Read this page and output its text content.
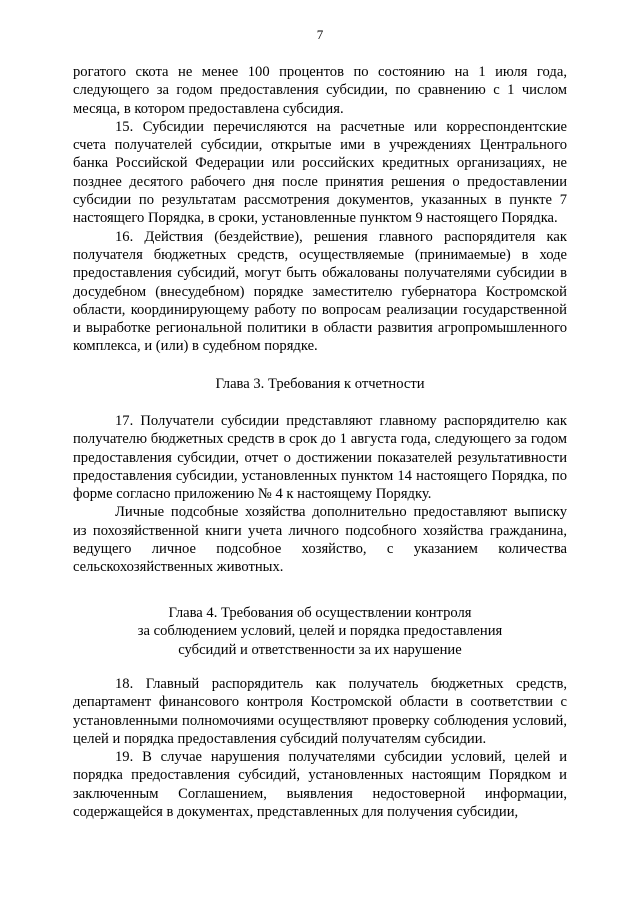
7

рогатого скота не менее 100 процентов по состоянию на 1 июля года, следующего за годом предоставления субсидии, по сравнению с 1 числом месяца, в котором предоставлена субсидия.

15. Субсидии перечисляются на расчетные или корреспондентские счета получателей субсидии, открытые ими в учреждениях Центрального банка Российской Федерации или российских кредитных организациях, не позднее десятого рабочего дня после принятия решения о предоставлении субсидии по результатам рассмотрения документов, указанных в пункте 7 настоящего Порядка, в сроки, установленные пунктом 9 настоящего Порядка.

16. Действия (бездействие), решения главного распорядителя как получателя бюджетных средств, осуществляемые (принимаемые) в ходе предоставления субсидий, могут быть обжалованы получателями субсидии в досудебном (внесудебном) порядке заместителю губернатора Костромской области, координирующему работу по вопросам реализации государственной и выработке региональной политики в области развития агропромышленного комплекса, и (или) в судебном порядке.

Глава 3. Требования к отчетности

17. Получатели субсидии представляют главному распорядителю как получателю бюджетных средств в срок до 1 августа года, следующего за годом предоставления субсидии, отчет о достижении показателей результативности предоставления субсидии, установленных пунктом 14 настоящего Порядка, по форме согласно приложению № 4 к настоящему Порядку.

Личные подсобные хозяйства дополнительно предоставляют выписку из похозяйственной книги учета личного подсобного хозяйства гражданина, ведущего личное подсобное хозяйство, с указанием количества сельскохозяйственных животных.

Глава 4. Требования об осуществлении контроля

за соблюдением условий, целей и порядка предоставления

субсидий и ответственности за их нарушение

18. Главный распорядитель как получатель бюджетных средств, департамент финансового контроля Костромской области в соответствии с установленными полномочиями осуществляют проверку соблюдения условий, целей и порядка предоставления субсидий получателям субсидии.

19. В случае нарушения получателями субсидии условий, целей и порядка предоставления субсидий, установленных настоящим Порядком и заключенным Соглашением, выявления недостоверной информации, содержащейся в документах, представленных для получения субсидии,
